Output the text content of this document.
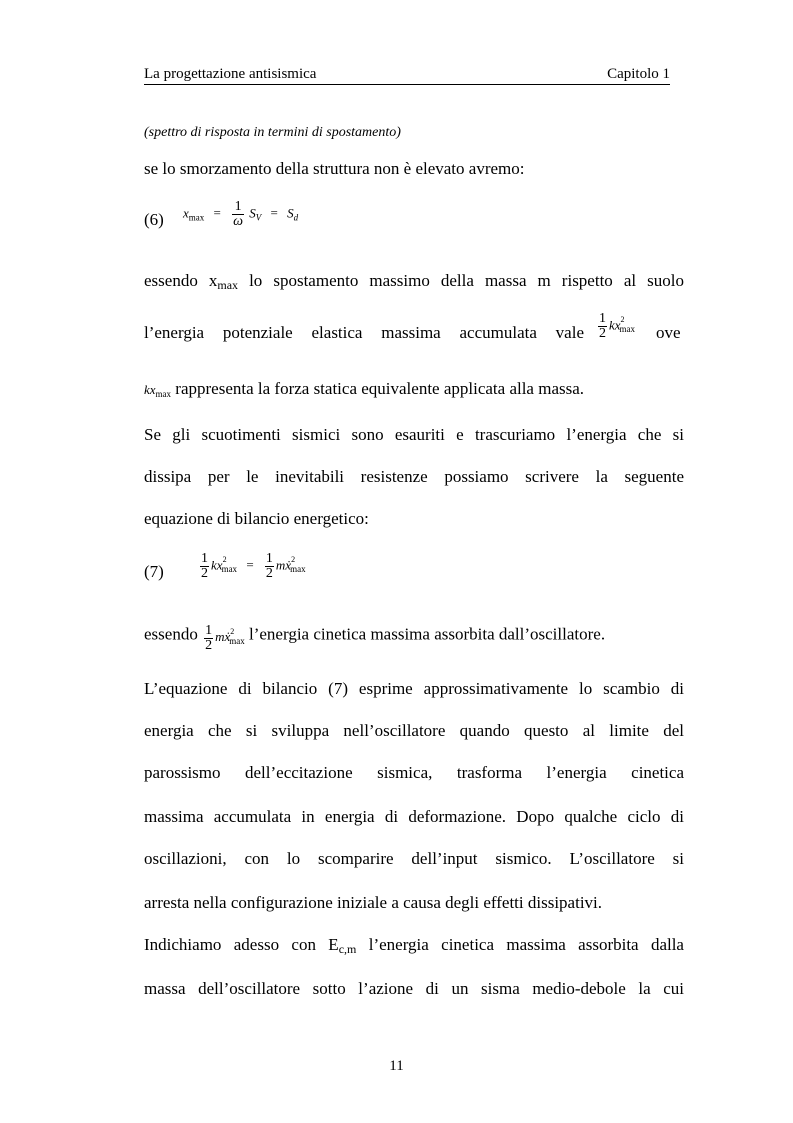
La progettazione antisismica	Capitolo 1
(spettro di risposta in termini di spostamento)
se lo smorzamento della struttura non è elevato avremo:
(6) $x_{max} = \frac{1}{\omega} S_V = S_d$
essendo $x_{max}$ lo spostamento massimo della massa m rispetto al suolo
l’energia potenziale elastica massima accumulata vale $\frac{1}{2} kx^2_{max}$ ove
$kx_{max}$ rappresenta la forza statica equivalente applicata alla massa.
Se gli scuotimenti sismici sono esauriti e trascuriamo l’energia che si
dissipa per le inevitabili resistenze possiamo scrivere la seguente
equazione di bilancio energetico:
(7)	$\frac{1}{2} kx^2_{max} = \frac{1}{2}$ mẋ$^2_{max}$
essendo $\frac{1}{2}$ mẋ$^2_{max}$ l’energia cinetica massima assorbita dall’oscillatore.
L’equazione di bilancio (7) esprime approssimativamente lo scambio di
energia che si sviluppa nell’oscillatore quando questo al limite del
parossismo dell’eccitazione sismica, trasforma l’energia cinetica
massima accumulata in energia di deformazione. Dopo qualche ciclo di
oscillazioni, con lo scomparire dell’input sismico. L’oscillatore si
arresta nella configurazione iniziale a causa degli effetti dissipativi.
Indichiamo adesso con $E_{c,m}$ l’energia cinetica massima assorbita dalla
massa dell’oscillatore sotto l’azione di un sisma medio-debole la cui
11
